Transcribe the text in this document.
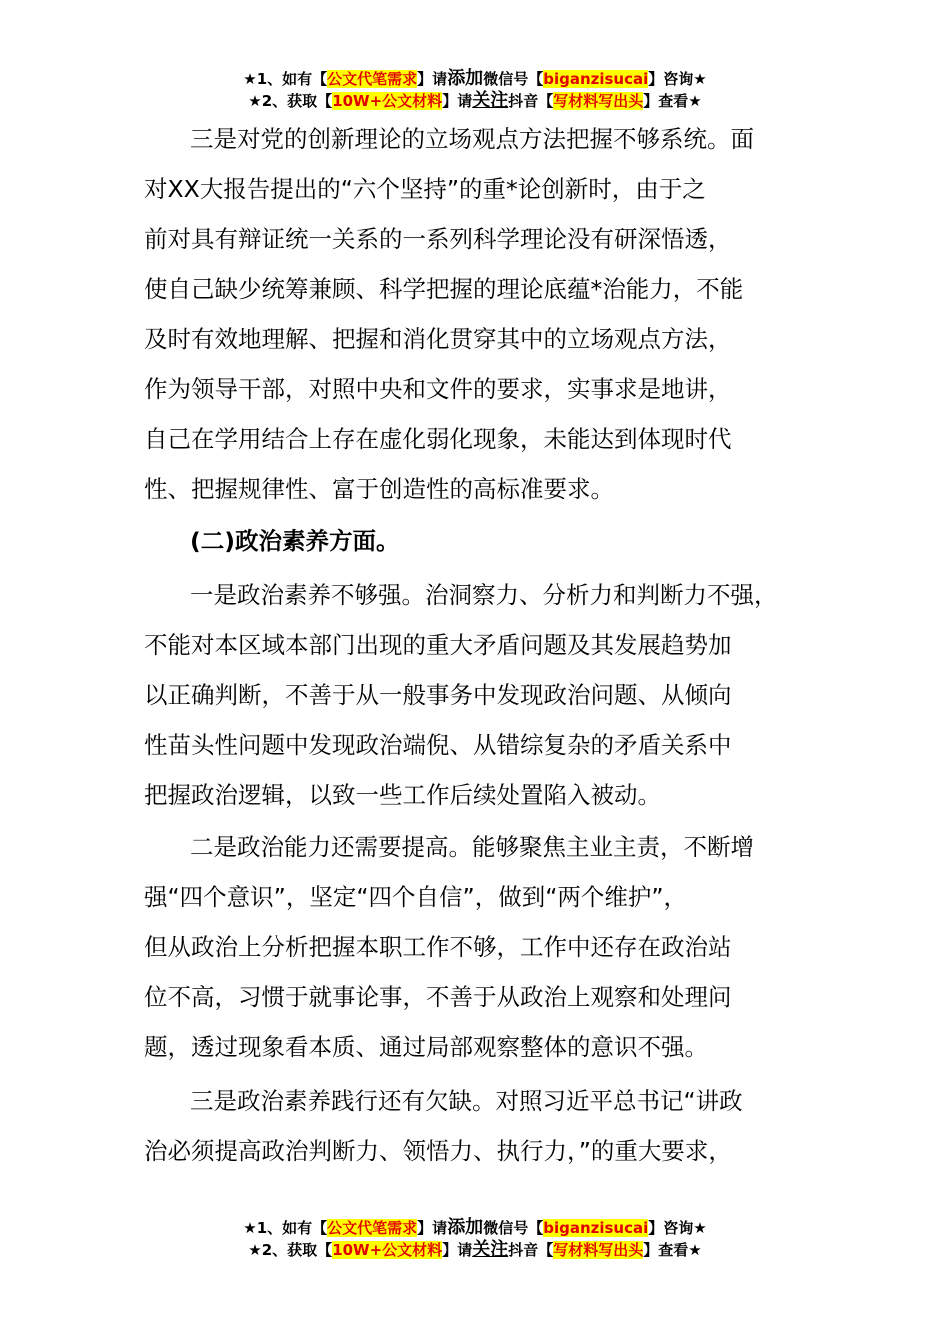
★1、如有【公文代笔需求】请添加微信号【biganzisucai】咨询★
★2、获取【10W+公文材料】请关注抖音【写材料写出头】查看★
三是对党的创新理论的立场观点方法把握不够系统。面
对XX大报告提出的“六个坚持”的重*论创新时，由于之
前对具有辩证统一关系的一系列科学理论没有研深悟透，
使自己缺少统筹兼顾、科学把握的理论底蕴*治能力，不能
及时有效地理解、把握和消化贯穿其中的立场观点方法，
作为领导干部，对照中央和文件的要求，实事求是地讲，
自己在学用结合上存在虚化弱化现象，未能达到体现时代
性、把握规律性、富于创造性的高标准要求。
(二)政治素养方面。
一是政治素养不够强。治洞察力、分析力和判断力不强，
不能对本区域本部门出现的重大矛盾问题及其发展趋势加
以正确判断，不善于从一般事务中发现政治问题、从倾向
性苗头性问题中发现政治端倪、从错综复杂的矛盾关系中
把握政治逻辑，以致一些工作后续处置陷入被动。
二是政治能力还需要提高。能够聚焦主业主责，不断增
强“四个意识”，坚定“四个自信”，做到“两个维护”，
但从政治上分析把握本职工作不够，工作中还存在政治站
位不高，习惯于就事论事，不善于从政治上观察和处理问
题，透过现象看本质、通过局部观察整体的意识不强。
三是政治素养践行还有欠缺。对照习近平总书记“讲政
治必须提高政治判断力、领悟力、执行力，”的重大要求，
★1、如有【公文代笔需求】请添加微信号【biganzisucai】咨询★
★2、获取【10W+公文材料】请关注抖音【写材料写出头】查看★
